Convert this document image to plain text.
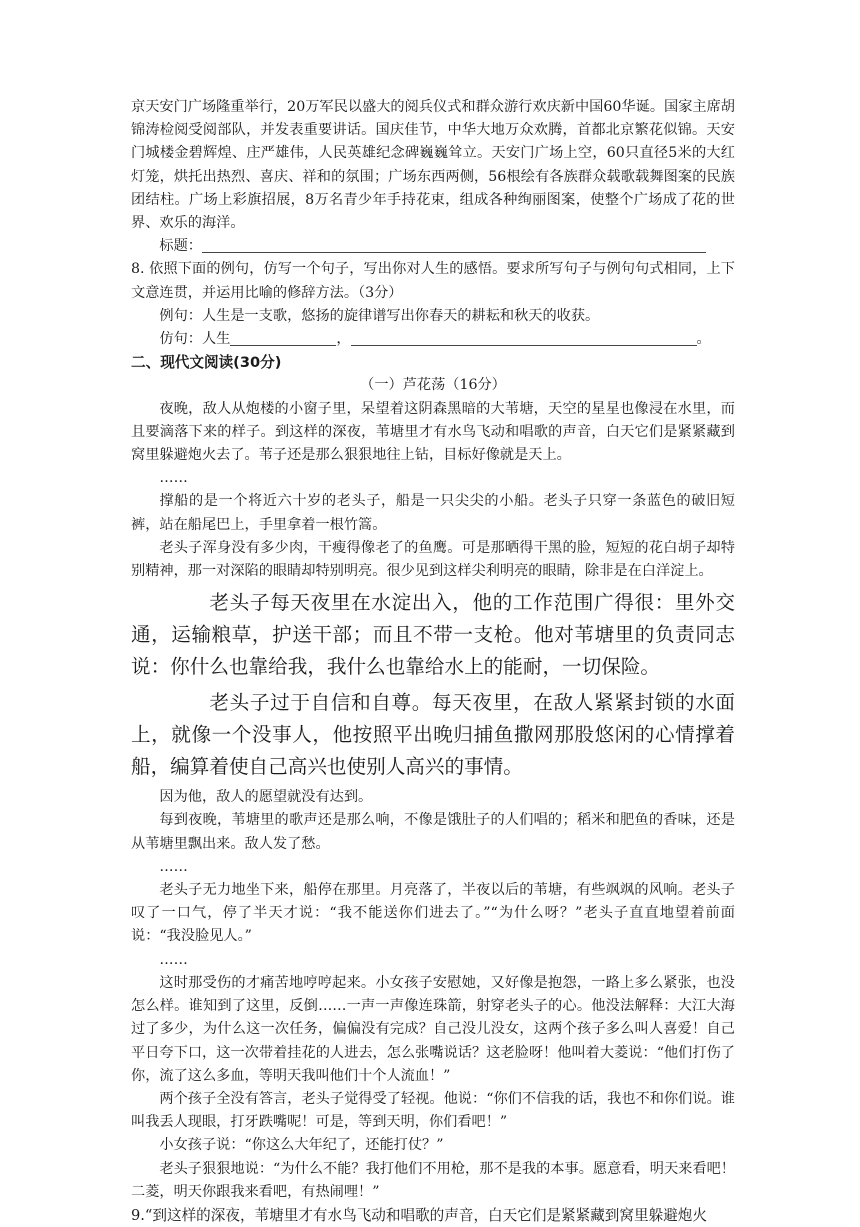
京天安门广场隆重举行，20万军民以盛大的阅兵仪式和群众游行欢庆新中国60华诞。国家主席胡锦涛检阅受阅部队，并发表重要讲话。国庆佳节，中华大地万众欢腾，首都北京繁花似锦。天安门城楼金碧辉煌、庄严雄伟，人民英雄纪念碑巍巍耸立。天安门广场上空，60只直径5米的大红灯笼，烘托出热烈、喜庆、祥和的氛围；广场东西两侧，56根绘有各族群众载歌载舞图案的民族团结柱。广场上彩旗招展，8万名青少年手持花束，组成各种绚丽图案，使整个广场成了花的世界、欢乐的海洋。

标题：

8. 依照下面的例句，仿写一个句子，写出你对人生的感悟。要求所写句子与例句句式相同，上下文意连贯，并运用比喻的修辞方法。（3分）

例句：人生是一支歌，悠扬的旋律谱写出你春天的耕耘和秋天的收获。

仿句：人生	，	。

二、现代文阅读(30分)

（一）芦花荡（16分）

夜晚，敌人从炮楼的小窗子里，呆望着这阴森黑暗的大苇塘，天空的星星也像浸在水里，而且要滴落下来的样子。到这样的深夜，苇塘里才有水鸟飞动和唱歌的声音，白天它们是紧紧藏到窝里躲避炮火去了。苇子还是那么狠狠地往上钻，目标好像就是天上。

……

撑船的是一个将近六十岁的老头子，船是一只尖尖的小船。老头子只穿一条蓝色的破旧短裤，站在船尾巴上，手里拿着一根竹篙。

老头子浑身没有多少肉，干瘦得像老了的鱼鹰。可是那晒得干黑的脸，短短的花白胡子却特别精神，那一对深陷的眼睛却特别明亮。很少见到这样尖利明亮的眼睛，除非是在白洋淀上。

老头子每天夜里在水淀出入，他的工作范围广得很：里外交通，运输粮草，护送干部；而且不带一支枪。他对苇塘里的负责同志说：你什么也靠给我，我什么也靠给水上的能耐，一切保险。

老头子过于自信和自尊。每天夜里，在敌人紧紧封锁的水面上，就像一个没事人，他按照平出晚归捕鱼撒网那股悠闲的心情撑着船，编算着使自己高兴也使别人高兴的事情。

因为他，敌人的愿望就没有达到。

每到夜晚，苇塘里的歌声还是那么响，不像是饿肚子的人们唱的；稻米和肥鱼的香味，还是从苇塘里飘出来。敌人发了愁。

……

老头子无力地坐下来，船停在那里。月亮落了，半夜以后的苇塘，有些飒飒的风响。老头子叹了一口气，停了半天才说：“我不能送你们进去了。”“为什么呀？”老头子直直地望着前面说：“我没脸见人。”

……

这时那受伤的才痛苦地哼哼起来。小女孩子安慰她，又好像是抱怨，一路上多么紧张，也没怎么样。谁知到了这里，反倒……一声一声像连珠箭，射穿老头子的心。他没法解释：大江大海过了多少，为什么这一次任务，偏偏没有完成？自己没儿没女，这两个孩子多么叫人喜爱！自己平日夸下口，这一次带着挂花的人进去，怎么张嘴说话？这老脸呀！他叫着大菱说：“他们打伤了你，流了这么多血，等明天我叫他们十个人流血！”

两个孩子全没有答言，老头子觉得受了轻视。他说：“你们不信我的话，我也不和你们说。谁叫我丢人现眼，打牙跌嘴呢！可是，等到天明，你们看吧！”

小女孩子说：“你这么大年纪了，还能打仗？”

老头子狠狠地说：“为什么不能？我打他们不用枪，那不是我的本事。愿意看，明天来看吧！二菱，明天你跟我来看吧，有热闹哩！”

9.“到这样的深夜，苇塘里才有水鸟飞动和唱歌的声音，白天它们是紧紧藏到窝里躲避炮火
